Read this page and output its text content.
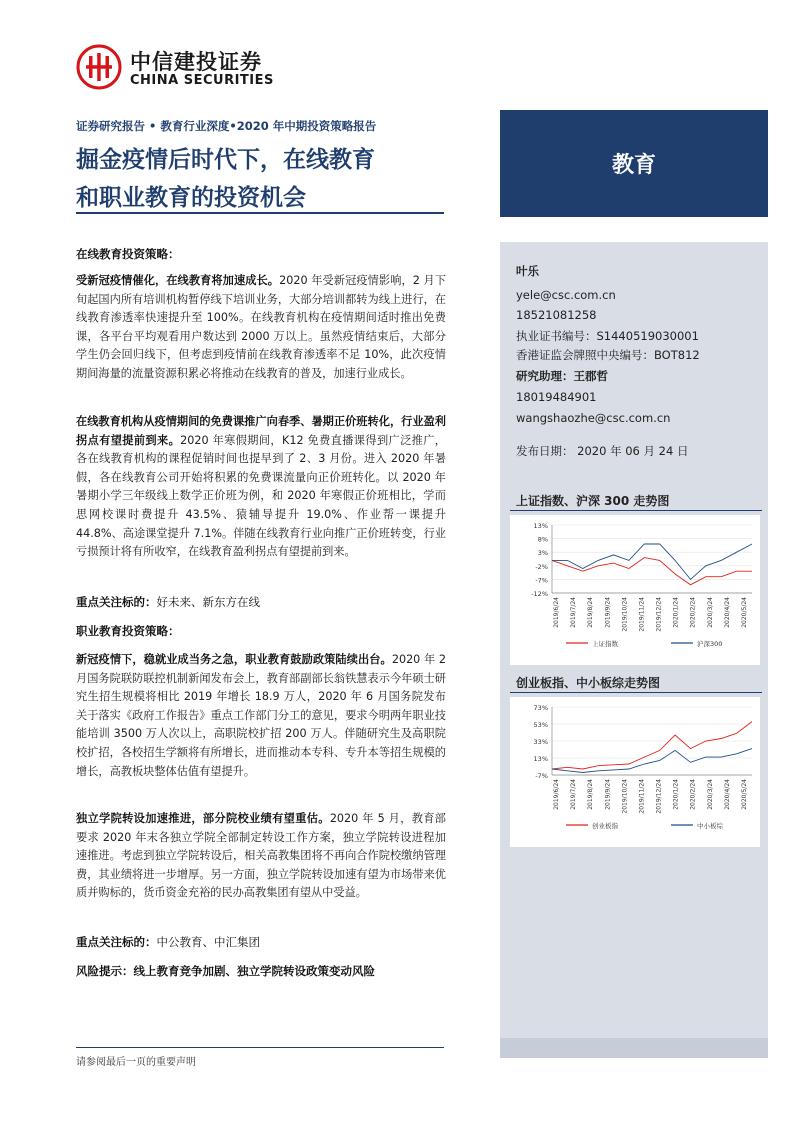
中信建投证券
CHINA SECURITIES
证券研究报告 • 教育行业深度•2020 年中期投资策略报告
掘金疫情后时代下，在线教育
和职业教育的投资机会
教育
叶乐
yele@csc.com.cn
18521081258
执业证书编号：S1440519030001
香港证监会牌照中央编号：BOT812
研究助理：王郡哲
18019484901
wangshaozhe@csc.com.cn
发布日期： 2020 年 06 月 24 日
上证指数、沪深 300 走势图
13%
8%
3%
-2%
-7%
-12%
2019/6/24 2019/7/24 2019/8/24 2019/9/24 2019/10/24 2019/11/24 2019/12/24 2020/1/24 2020/2/24 2020/3/24 2020/4/24 2020/5/24
上证指数	沪深300
创业板指、中小板综走势图
73%
53%
33%
13%
-7%
2019/6/24 2019/7/24 2019/8/24 2019/9/24 2019/10/24 2019/11/24 2019/12/24 2020/1/24 2020/2/24 2020/3/24 2020/4/24 2020/5/24
创业板指	中小板综
在线教育投资策略：
受新冠疫情催化，在线教育将加速成长。2020 年受新冠疫情影响，2 月下旬起国内所有培训机构暂停线下培训业务，大部分培训都转为线上进行，在线教育渗透率快速提升至 100%。在线教育机构在疫情期间适时推出免费课，各平台平均观看用户数达到 2000 万以上。虽然疫情结束后，大部分学生仍会回归线下，但考虑到疫情前在线教育渗透率不足 10%，此次疫情期间海量的流量资源积累必将推动在线教育的普及，加速行业成长。
在线教育机构从疫情期间的免费课推广向春季、暑期正价班转化，行业盈利拐点有望提前到来。2020 年寒假期间，K12 免费直播课得到广泛推广，各在线教育机构的课程促销时间也提早到了 2、3 月份。进入 2020 年暑假，各在线教育公司开始将积累的免费课流量向正价班转化。以 2020 年暑期小学三年级线上数学正价班为例，和 2020 年寒假正价班相比，学而思网校课时费提升 43.5%、猿辅导提升 19.0%、作业帮一课提升 44.8%、高途课堂提升 7.1%。伴随在线教育行业向推广正价班转变，行业亏损预计将有所收窄，在线教育盈利拐点有望提前到来。
重点关注标的：好未来、新东方在线
职业教育投资策略：
新冠疫情下，稳就业成当务之急，职业教育鼓励政策陆续出台。2020 年 2 月国务院联防联控机制新闻发布会上，教育部副部长翁铁慧表示今年硕士研究生招生规模将相比 2019 年增长 18.9 万人，2020 年 6 月国务院发布关于落实《政府工作报告》重点工作部门分工的意见，要求今明两年职业技能培训 3500 万人次以上，高职院校扩招 200 万人。伴随研究生及高职院校扩招，各校招生学额将有所增长，进而推动本专科、专升本等招生规模的增长，高教板块整体估值有望提升。
独立学院转设加速推进，部分院校业绩有望重估。2020 年 5 月，教育部要求 2020 年末各独立学院全部制定转设工作方案，独立学院转设进程加速推进。考虑到独立学院转设后，相关高教集团将不再向合作院校缴纳管理费，其业绩将进一步增厚。另一方面，独立学院转设加速有望为市场带来优质并购标的，货币资金充裕的民办高教集团有望从中受益。
重点关注标的：中公教育、中汇集团
风险提示：线上教育竞争加剧、独立学院转设政策变动风险
请参阅最后一页的重要声明
